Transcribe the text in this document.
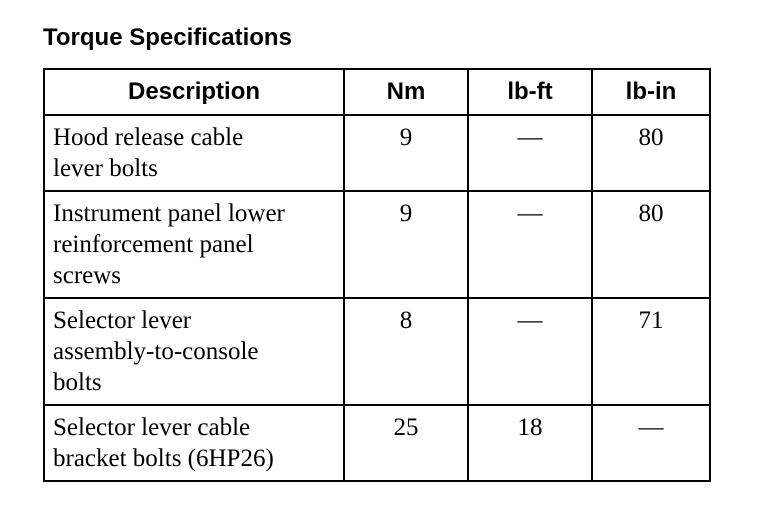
Torque Specifications
Description	Nm	lb-ft	lb-in
Hood release cable
lever bolts	9	—	80
Instrument panel lower
reinforcement panel
screws	9	—	80
Selector lever
assembly-to-console
bolts	8	—	71
Selector lever cable
bracket bolts (6HP26)	25	18	—
